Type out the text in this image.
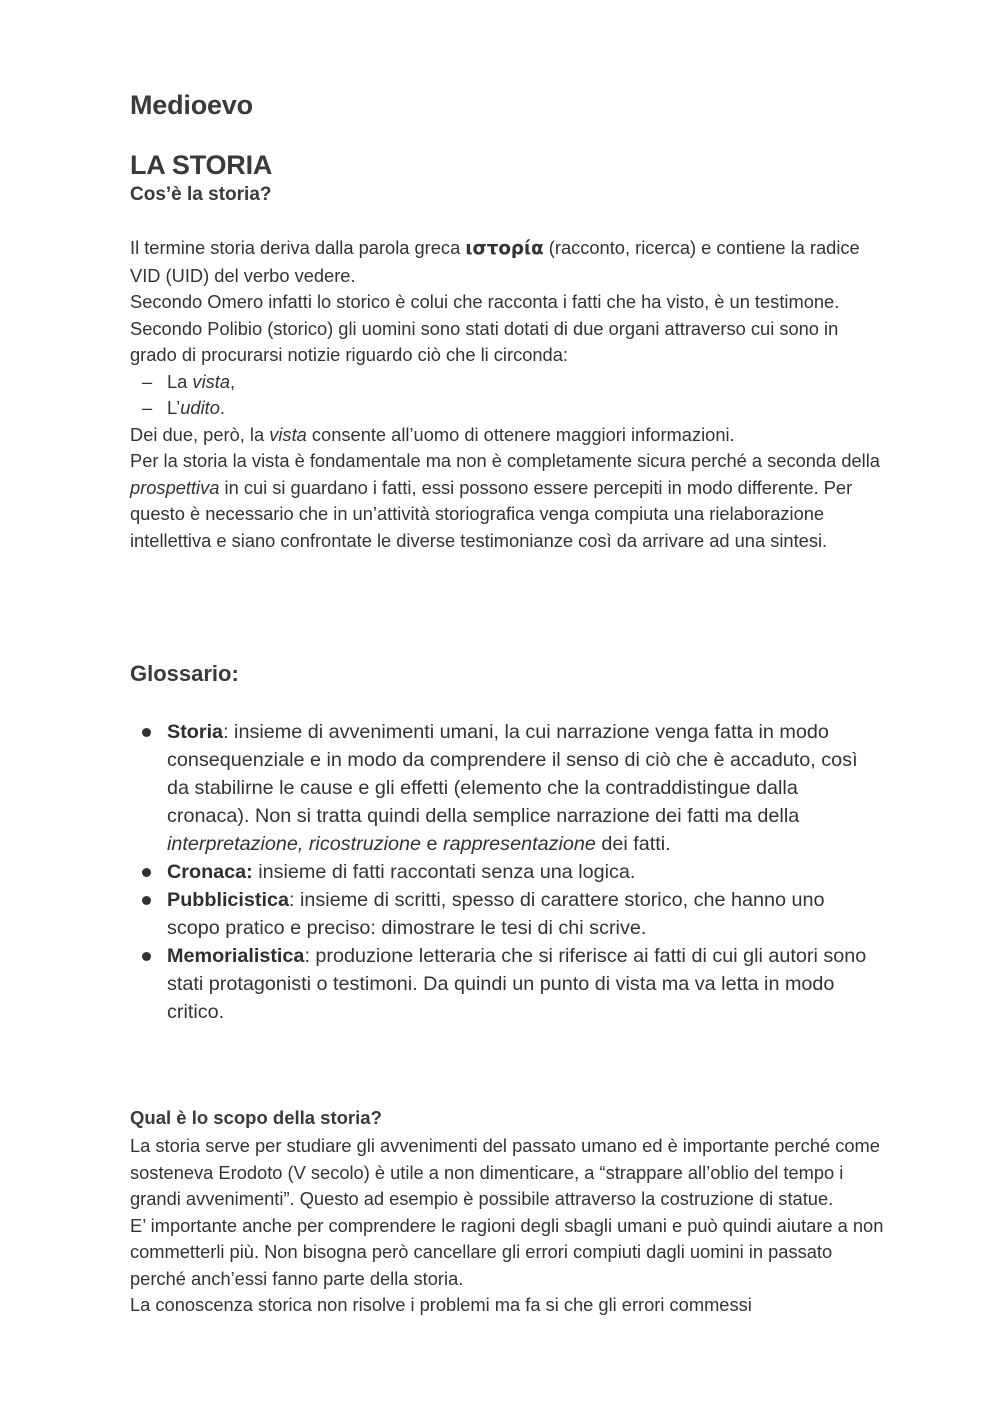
Medioevo
LA STORIA
Cos’è la storia?

Il termine storia deriva dalla parola greca ιστορία (racconto, ricerca) e contiene la radice VID (UID) del verbo vedere.

Secondo Omero infatti lo storico è colui che racconta i fatti che ha visto, è un testimone.

Secondo Polibio (storico) gli uomini sono stati dotati di due organi attraverso cui sono in grado di procurarsi notizie riguardo ciò che li circonda:

– La vista,
– L’udito.

Dei due, però, la vista consente all’uomo di ottenere maggiori informazioni.

Per la storia la vista è fondamentale ma non è completamente sicura perché a seconda della prospettiva in cui si guardano i fatti, essi possono essere percepiti in modo differente. Per questo è necessario che in un’attività storiografica venga compiuta una rielaborazione intellettiva e siano confrontate le diverse testimonianze così da arrivare ad una sintesi.

Glossario:
Storia: insieme di avvenimenti umani, la cui narrazione venga fatta in modo consequenziale e in modo da comprendere il senso di ciò che è accaduto, così da stabilirne le cause e gli effetti (elemento che la contraddistingue dalla cronaca). Non si tratta quindi della semplice narrazione dei fatti ma della interpretazione, ricostruzione e rappresentazione dei fatti.
Cronaca: insieme di fatti raccontati senza una logica.
Pubblicistica: insieme di scritti, spesso di carattere storico, che hanno uno scopo pratico e preciso: dimostrare le tesi di chi scrive.
Memorialistica: produzione letteraria che si riferisce ai fatti di cui gli autori sono stati protagonisti o testimoni. Da quindi un punto di vista ma va letta in modo critico.
Qual è lo scopo della storia?

La storia serve per studiare gli avvenimenti del passato umano ed è importante perché come sosteneva Erodoto (V secolo) è utile a non dimenticare, a “strappare all’oblio del tempo i grandi avvenimenti”. Questo ad esempio è possibile attraverso la costruzione di statue.

E’ importante anche per comprendere le ragioni degli sbagli umani e può quindi aiutare a non commetterli più. Non bisogna però cancellare gli errori compiuti dagli uomini in passato perché anch’essi fanno parte della storia.

La conoscenza storica non risolve i problemi ma fa si che gli errori commessi
